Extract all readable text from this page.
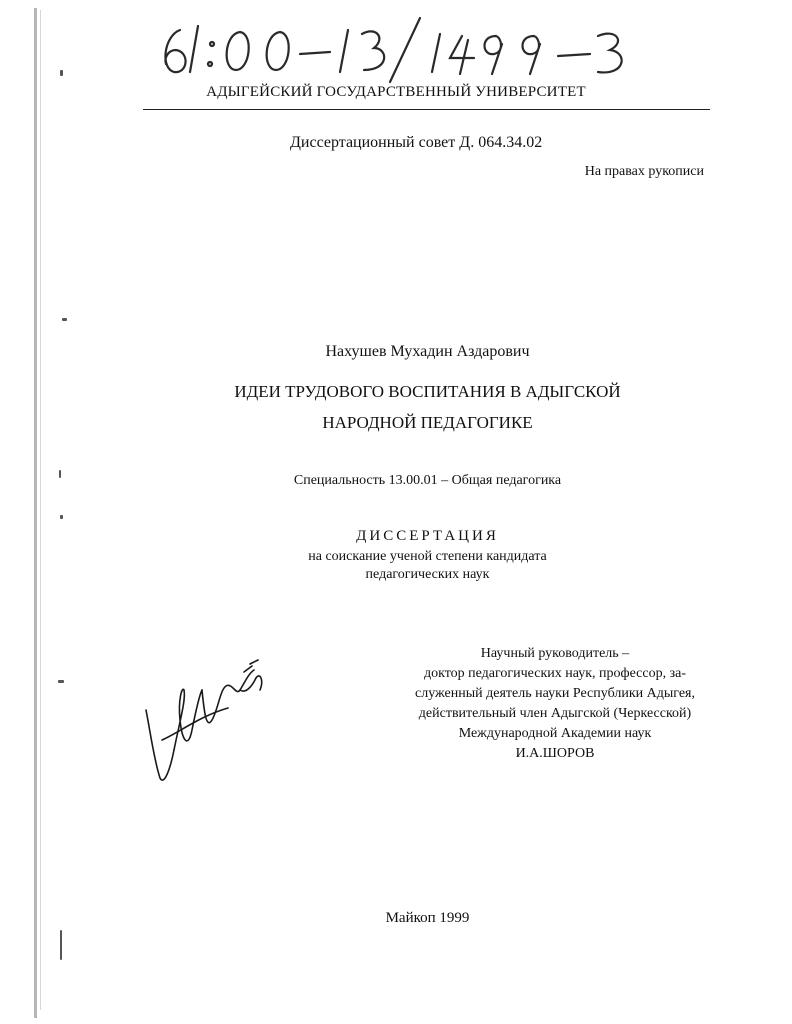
АДЫГЕЙСКИЙ ГОСУДАРСТВЕННЫЙ УНИВЕРСИТЕТ
Диссертационный совет Д. 064.34.02
На правах рукописи
Нахушев Мухадин Аздарович
ИДЕИ ТРУДОВОГО ВОСПИТАНИЯ В АДЫГСКОЙ
НАРОДНОЙ ПЕДАГОГИКЕ
Специальность 13.00.01 – Общая педагогика
ДИССЕРТАЦИЯ
на соискание ученой степени кандидата
педагогических наук
Научный руководитель –
доктор педагогических наук, профессор, за-
служенный деятель науки Республики Адыгея,
действительный член Адыгской (Черкесской)
Международной Академии наук
И.А.ШОРОВ
Майкоп 1999
